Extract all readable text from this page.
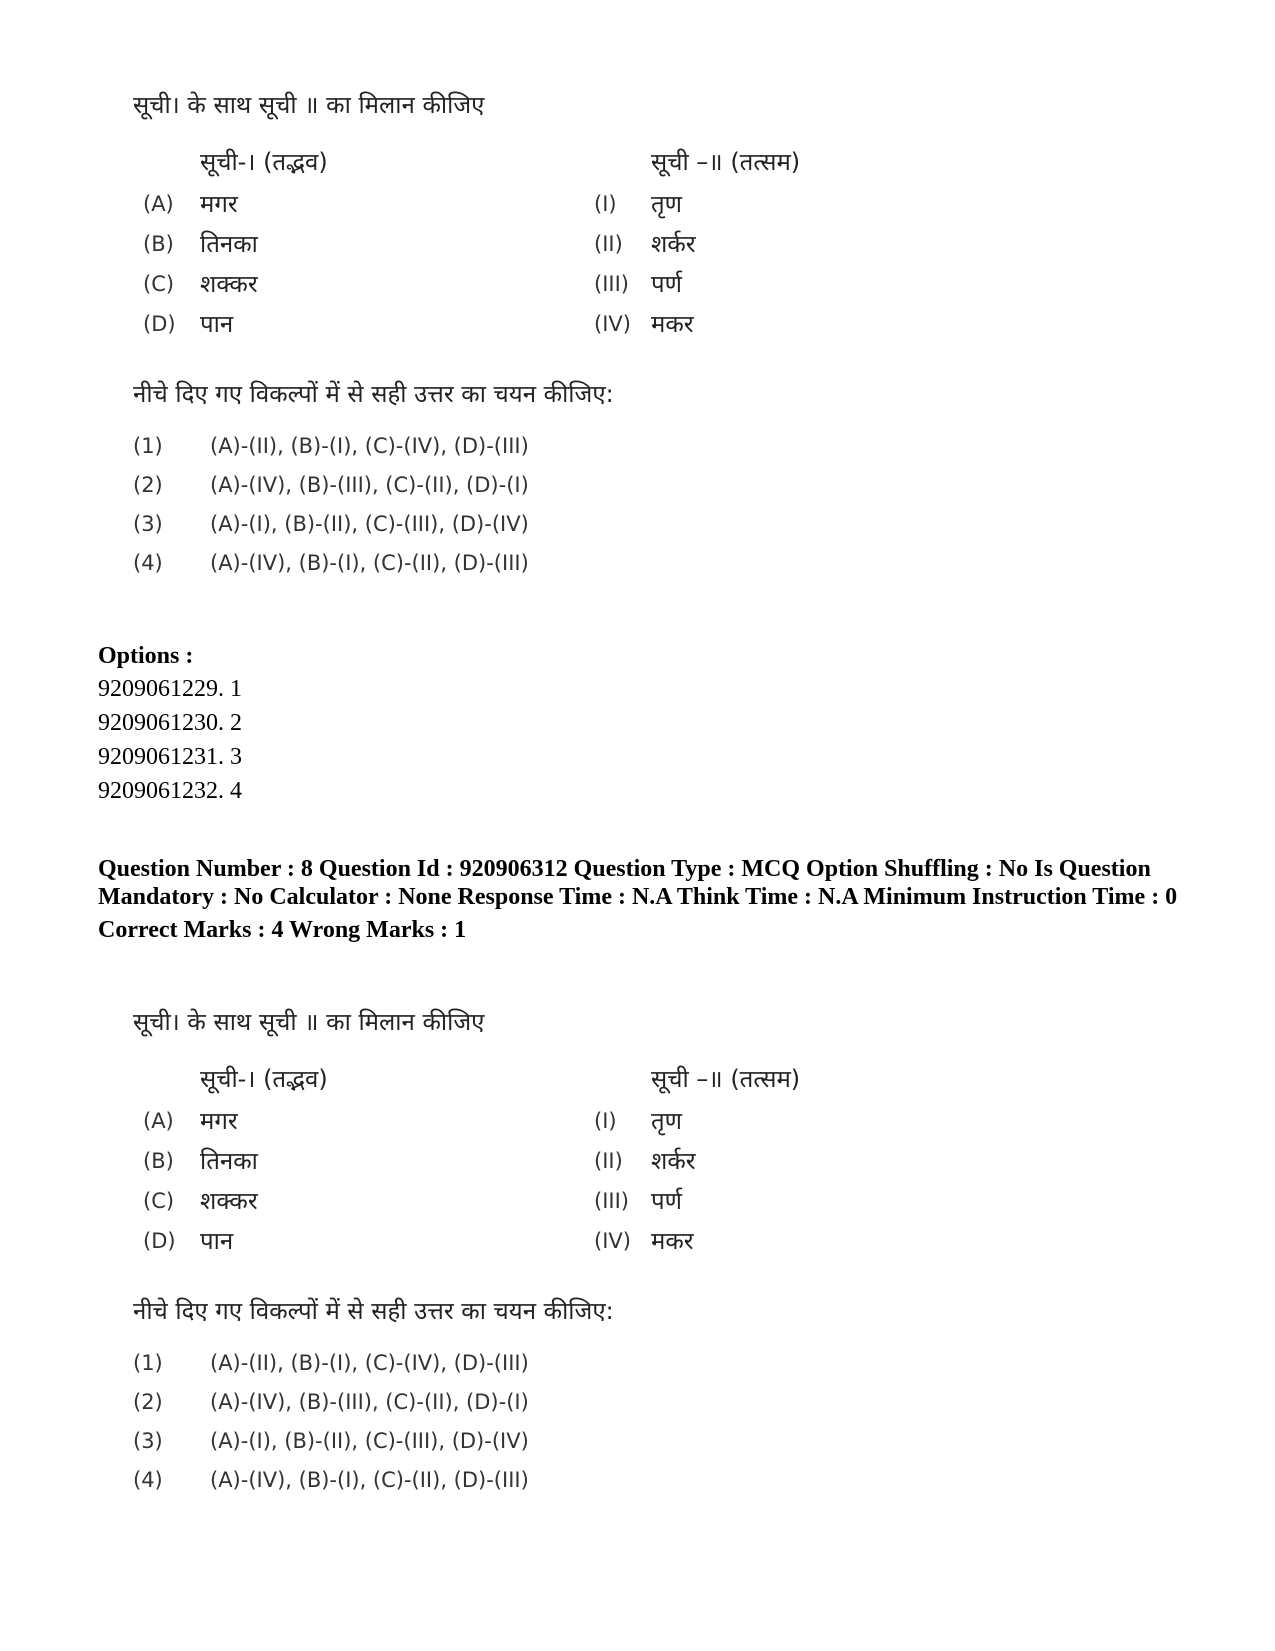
सूची। के साथ सूची ॥ का मिलान कीजिए
सूची-। (तद्भव)	सूची –॥ (तत्सम)
(A) मगर	(I) तृण
(B) तिनका	(II) शर्कर
(C) शक्कर	(III) पर्ण
(D) पान	(IV) मकर
नीचे दिए गए विकल्पों में से सही उत्तर का चयन कीजिए:
(1) (A)-(II), (B)-(I), (C)-(IV), (D)-(III)
(2) (A)-(IV), (B)-(III), (C)-(II), (D)-(I)
(3) (A)-(I), (B)-(II), (C)-(III), (D)-(IV)
(4) (A)-(IV), (B)-(I), (C)-(II), (D)-(III)
Options :
9209061229. 1
9209061230. 2
9209061231. 3
9209061232. 4
Question Number : 8 Question Id : 920906312 Question Type : MCQ Option Shuffling : No Is Question Mandatory : No Calculator : None Response Time : N.A Think Time : N.A Minimum Instruction Time : 0
Correct Marks : 4 Wrong Marks : 1
सूची। के साथ सूची ॥ का मिलान कीजिए
सूची-। (तद्भव)	सूची –॥ (तत्सम)
(A) मगर	(I) तृण
(B) तिनका	(II) शर्कर
(C) शक्कर	(III) पर्ण
(D) पान	(IV) मकर
नीचे दिए गए विकल्पों में से सही उत्तर का चयन कीजिए:
(1) (A)-(II), (B)-(I), (C)-(IV), (D)-(III)
(2) (A)-(IV), (B)-(III), (C)-(II), (D)-(I)
(3) (A)-(I), (B)-(II), (C)-(III), (D)-(IV)
(4) (A)-(IV), (B)-(I), (C)-(II), (D)-(III)
